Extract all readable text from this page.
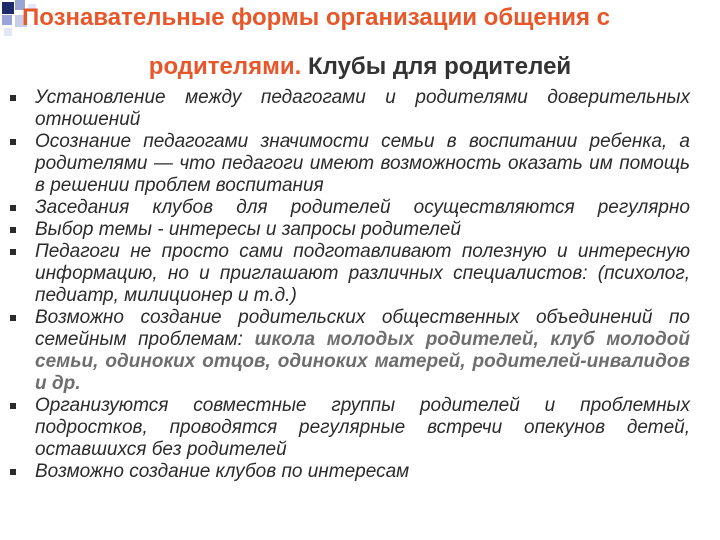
Познавательные формы организации общения с
родителями. Клубы для родителей
Установление между педагогами и родителями доверительных отношений
Осознание педагогами значимости семьи в воспитании ребенка, а родителями — что педагоги имеют возможность оказать им помощь в решении проблем воспитания
Заседания клубов для родителей осуществляются регулярно
Выбор темы - интересы и запросы родителей
Педагоги не просто сами подготавливают полезную и интересную информацию, но и приглашают различных специалистов: (психолог, педиатр, милиционер и т.д.)
Возможно создание родительских общественных объединений по семейным проблемам: школа молодых родителей, клуб молодой семьи, одиноких отцов, одиноких матерей, родителей-инвалидов и др.
Организуются совместные группы родителей и проблемных подростков, проводятся регулярные встречи опекунов детей, оставшихся без родителей
Возможно создание клубов по интересам
